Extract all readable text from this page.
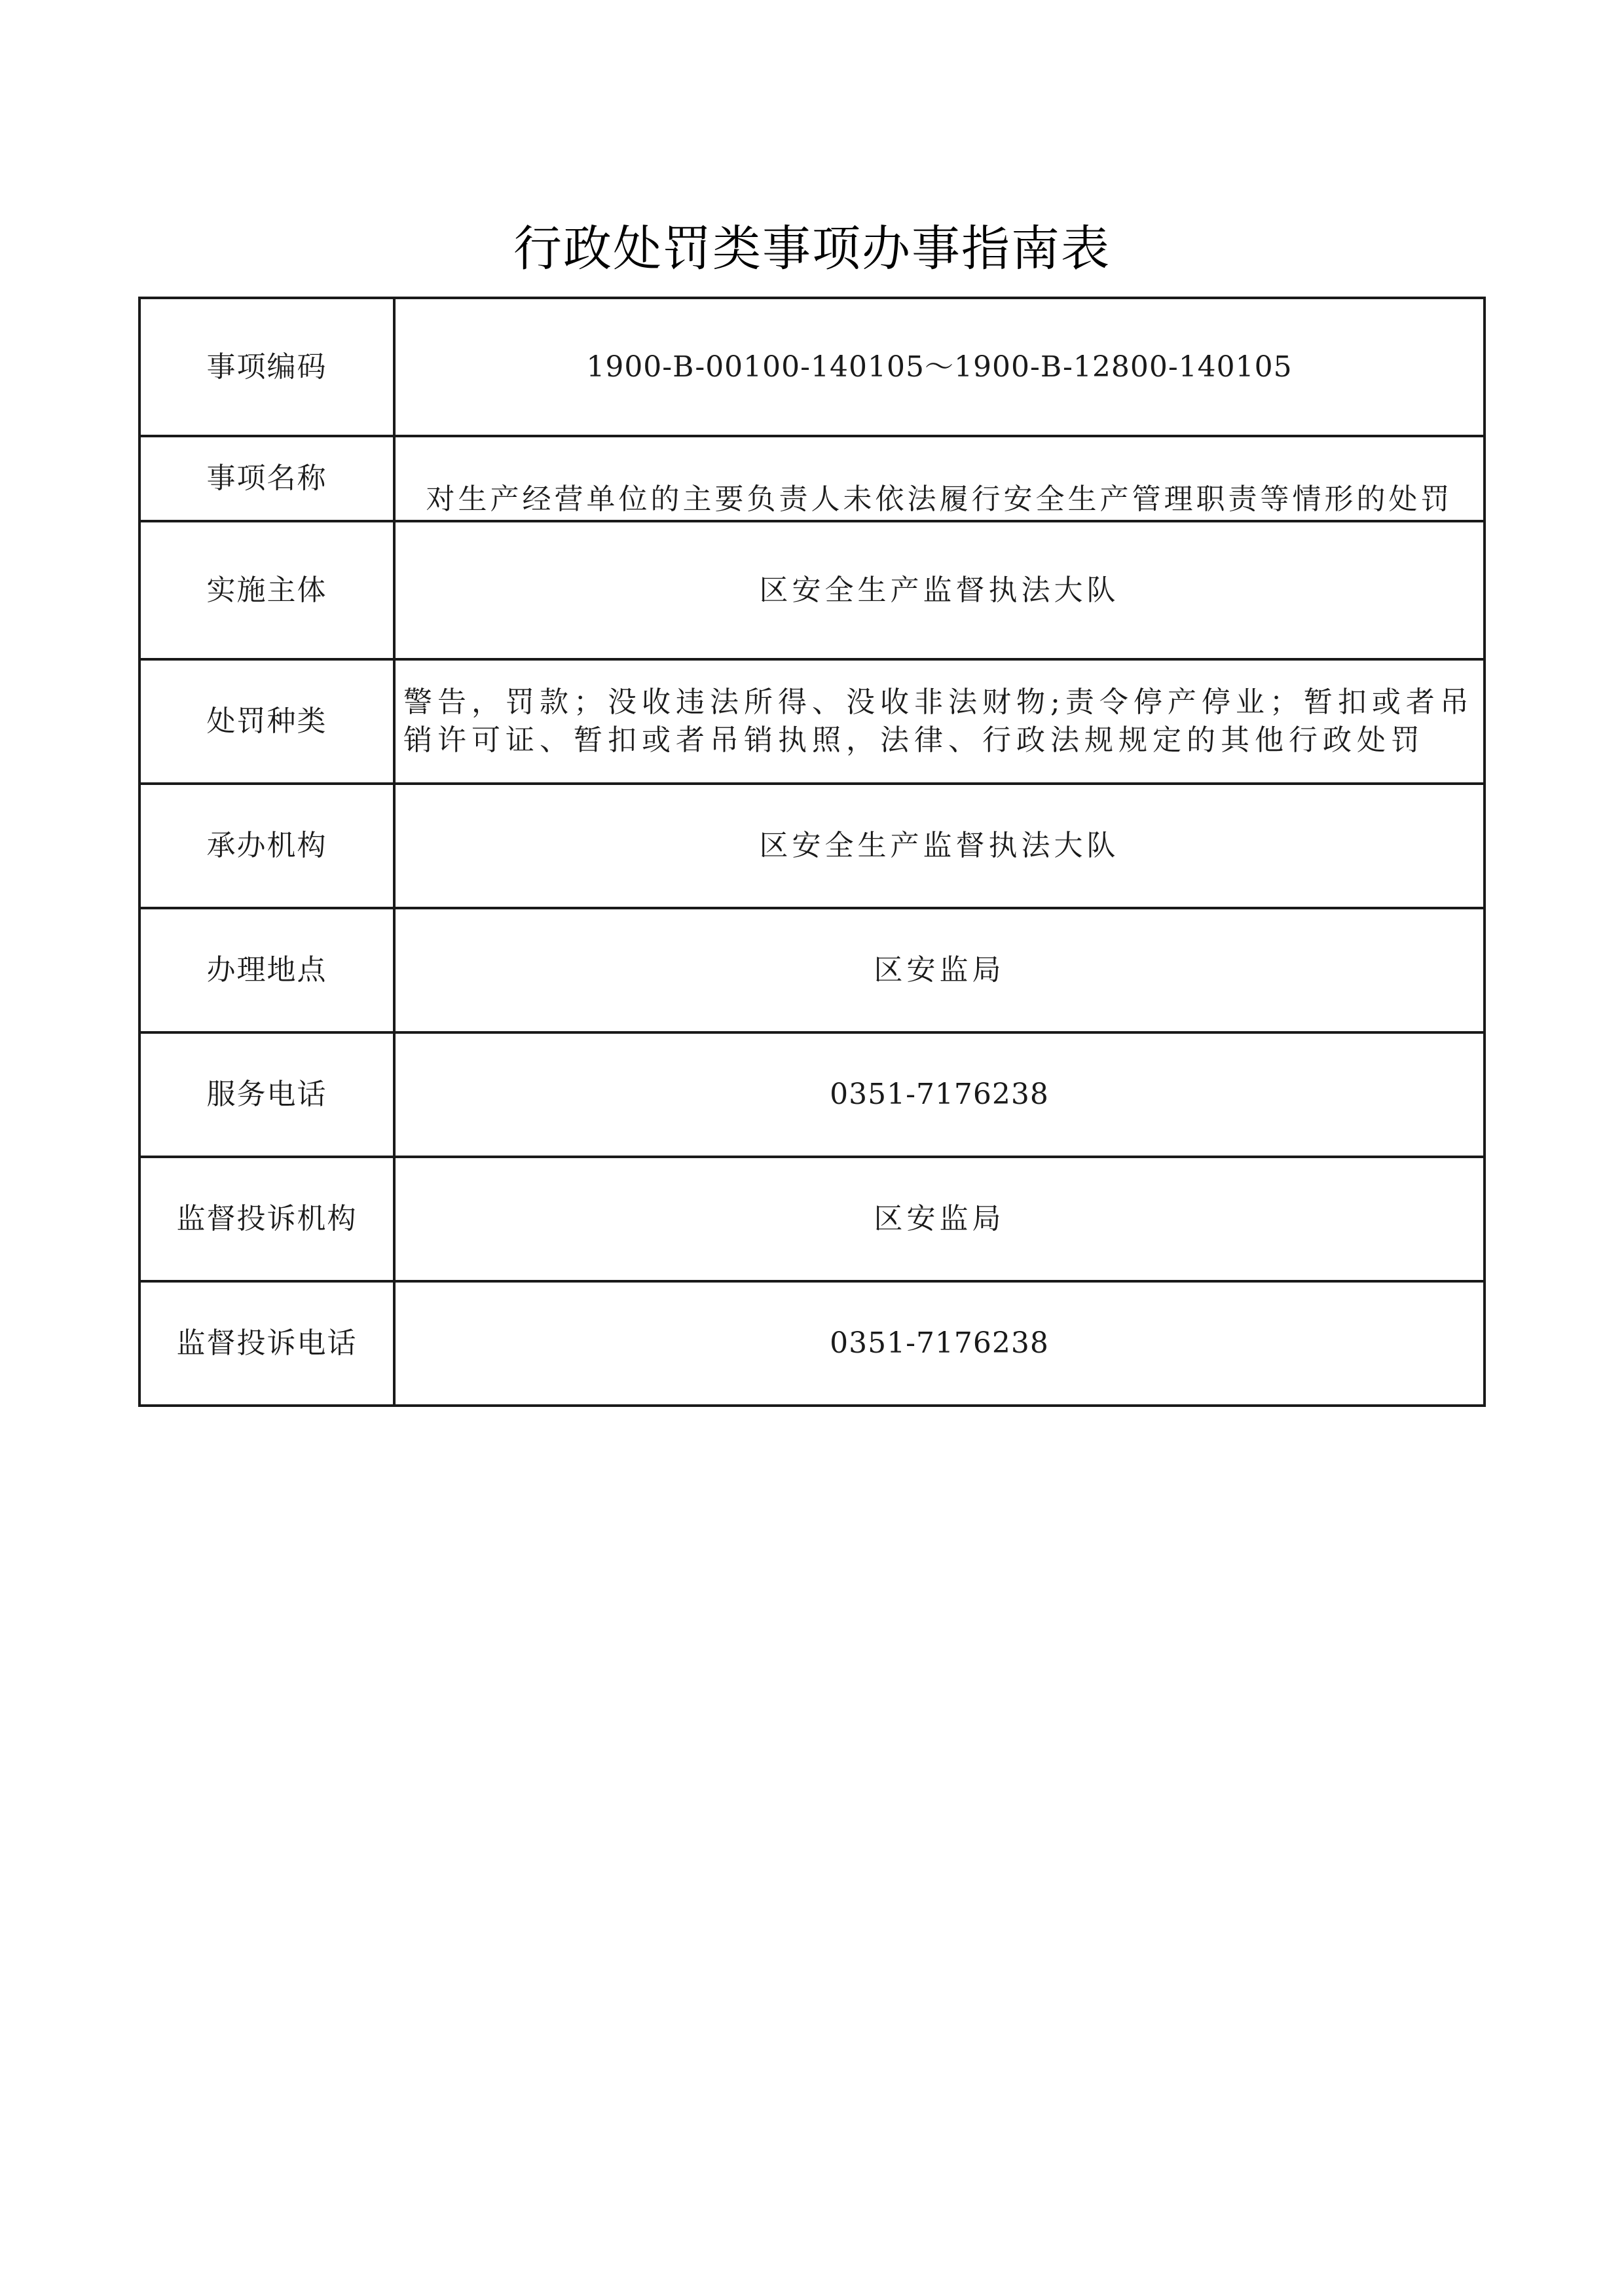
行政处罚类事项办事指南表
事项编码	1900-B-00100-140105～1900-B-12800-140105
事项名称	对生产经营单位的主要负责人未依法履行安全生产管理职责等情形的处罚
实施主体	区安全生产监督执法大队
处罚种类	警告，罚款；没收违法所得、没收非法财物;责令停产停业；暂扣或者吊销许可证、暂扣或者吊销执照，法律、行政法规规定的其他行政处罚
承办机构	区安全生产监督执法大队
办理地点	区安监局
服务电话	0351-7176238
监督投诉机构	区安监局
监督投诉电话	0351-7176238
